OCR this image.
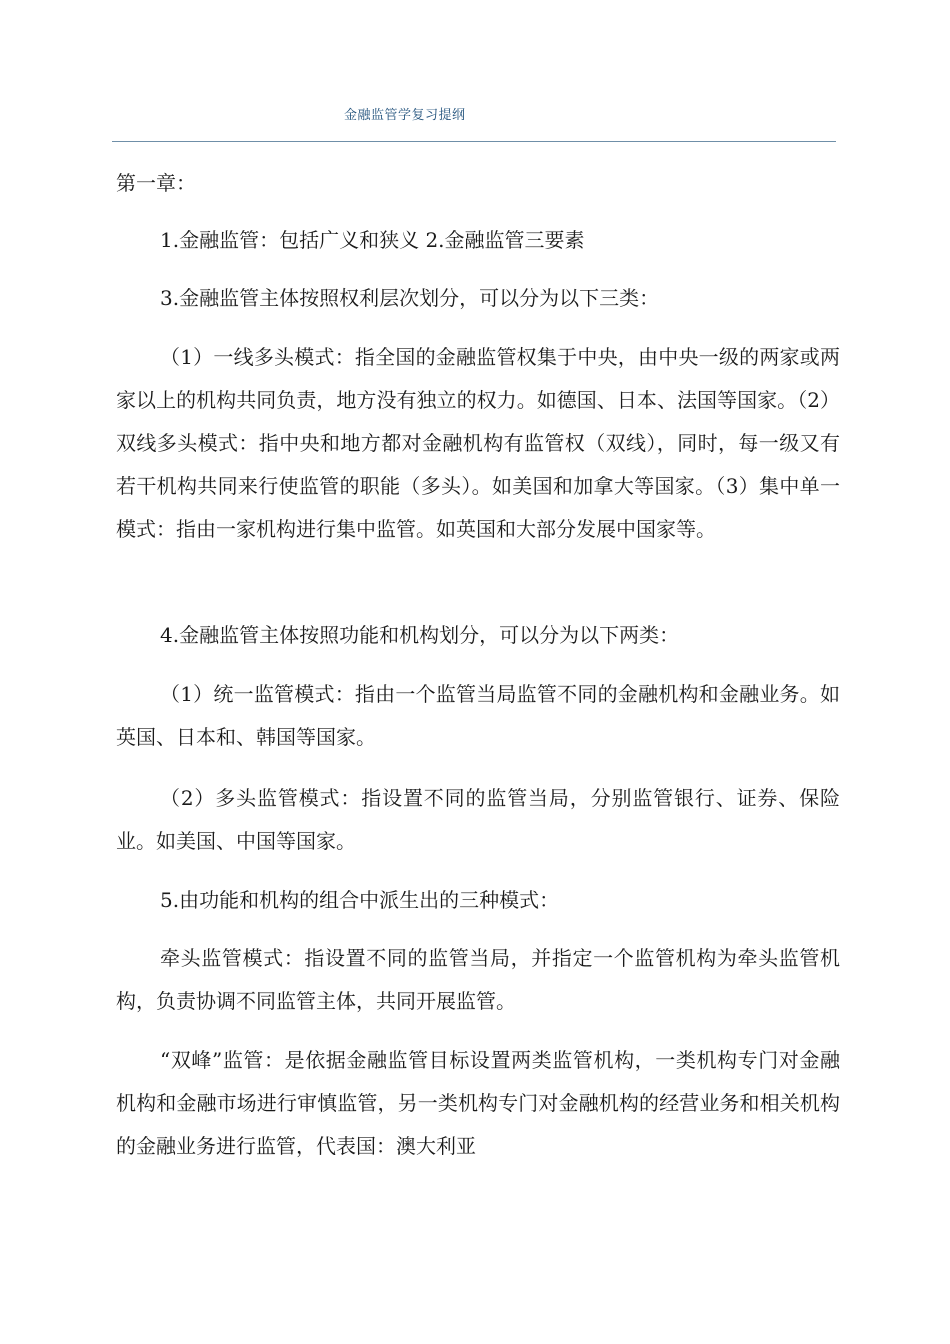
金融监管学复习提纲

第一章：

1.金融监管：包括广义和狭义 2.金融监管三要素

3.金融监管主体按照权利层次划分，可以分为以下三类：

（1）一线多头模式：指全国的金融监管权集于中央，由中央一级的两家或两家以上的机构共同负责，地方没有独立的权力。如德国、日本、法国等国家。（2）双线多头模式：指中央和地方都对金融机构有监管权（双线），同时，每一级又有若干机构共同来行使监管的职能（多头）。如美国和加拿大等国家。（3）集中单一模式：指由一家机构进行集中监管。如英国和大部分发展中国家等。

4.金融监管主体按照功能和机构划分，可以分为以下两类：

（1）统一监管模式：指由一个监管当局监管不同的金融机构和金融业务。如英国、日本和、韩国等国家。

（2）多头监管模式：指设置不同的监管当局，分别监管银行、证券、保险业。如美国、中国等国家。

5.由功能和机构的组合中派生出的三种模式：

牵头监管模式：指设置不同的监管当局，并指定一个监管机构为牵头监管机构，负责协调不同监管主体，共同开展监管。

“双峰”监管：是依据金融监管目标设置两类监管机构，一类机构专门对金融机构和金融市场进行审慎监管，另一类机构专门对金融机构的经营业务和相关机构的金融业务进行监管，代表国：澳大利亚
